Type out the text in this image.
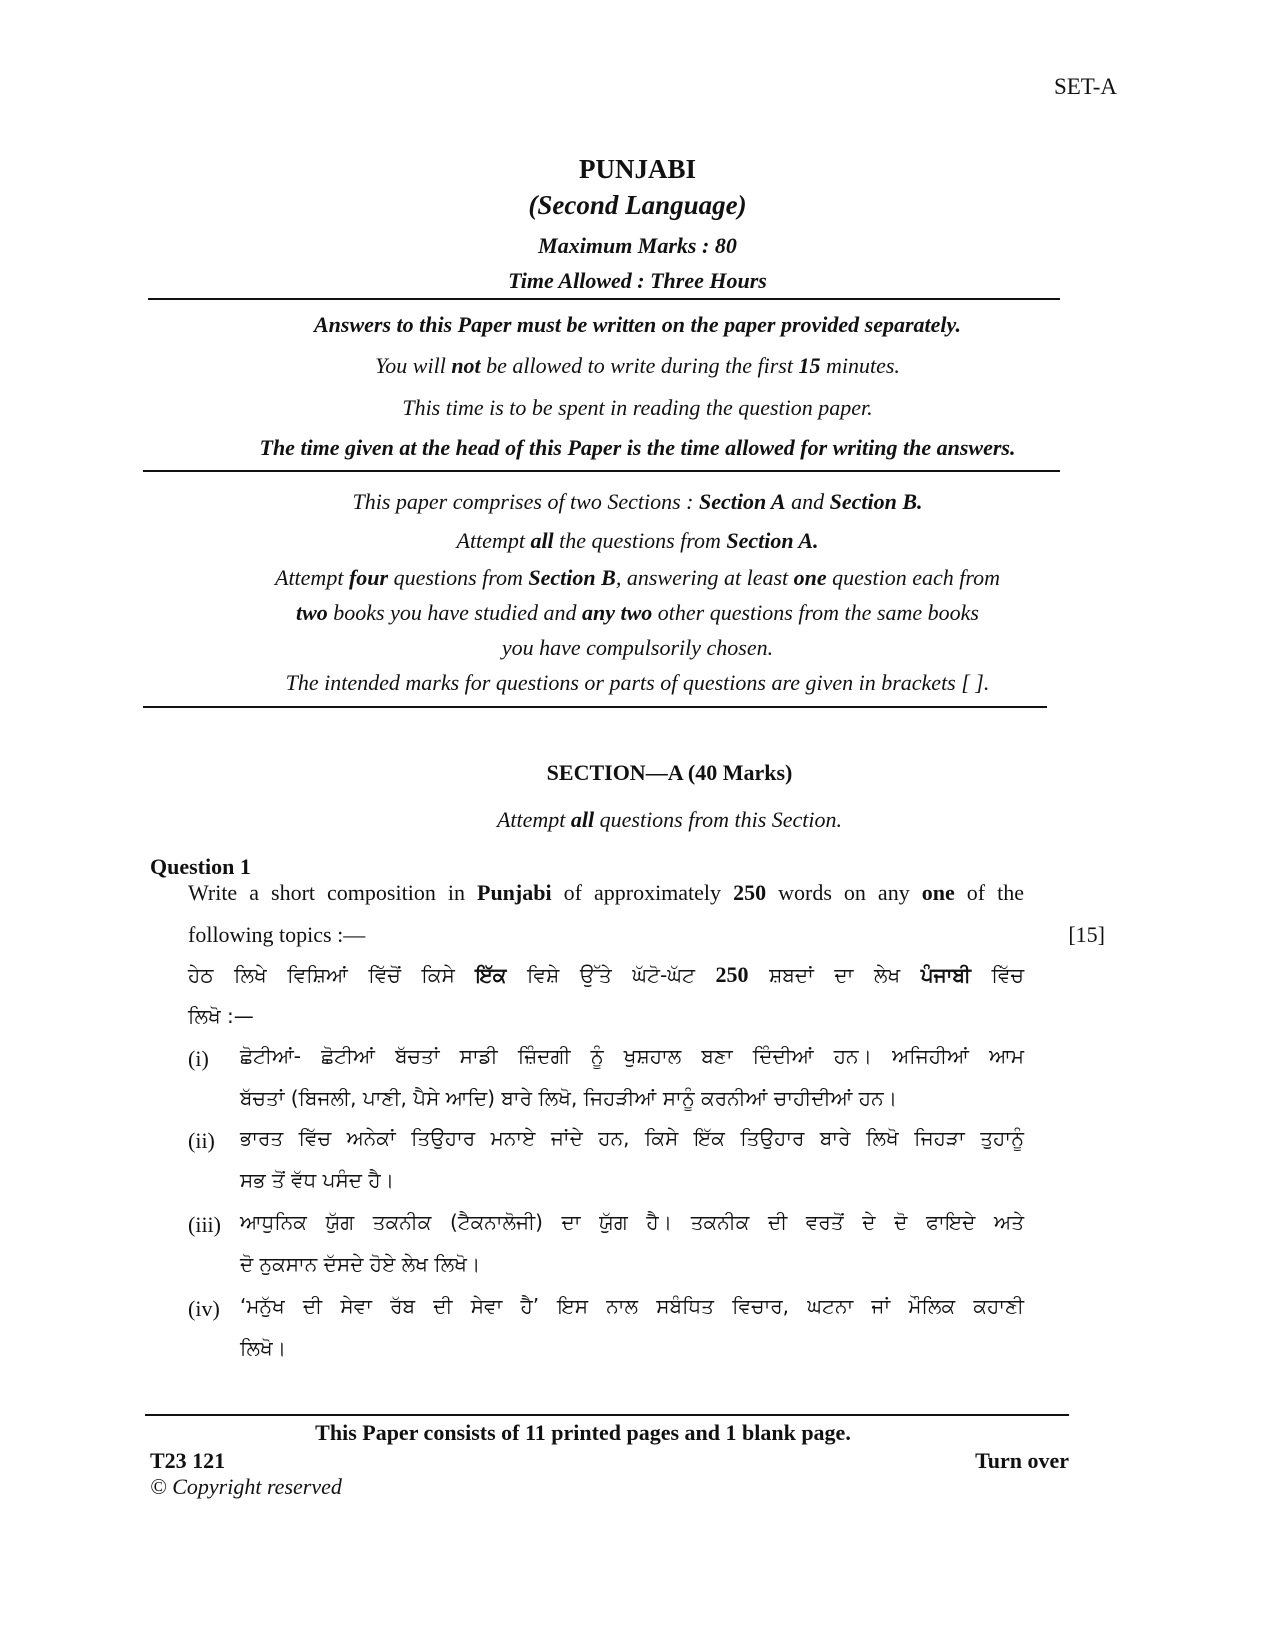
SET-A
PUNJABI
(Second Language)
Maximum Marks : 80
Time Allowed : Three Hours
Answers to this Paper must be written on the paper provided separately.
You will not be allowed to write during the first 15 minutes.
This time is to be spent in reading the question paper.
The time given at the head of this Paper is the time allowed for writing the answers.
This paper comprises of two Sections : Section A and Section B.
Attempt all the questions from Section A.
Attempt four questions from Section B, answering at least one question each from
two books you have studied and any two other questions from the same books
you have compulsorily chosen.
The intended marks for questions or parts of questions are given in brackets [ ].
SECTION—A (40 Marks)
Attempt all questions from this Section.
Question 1
Write a short composition in Punjabi of approximately 250 words on any one of the
following topics :—	[15]
ਹੇਠ ਲਿਖੇ ਵਿਸ਼ਿਆਂ ਵਿੱਚੋਂ ਕਿਸੇ ਇੱਕ ਵਿਸ਼ੇ ਉੱਤੇ ਘੱਟੋ-ਘੱਟ 250 ਸ਼ਬਦਾਂ ਦਾ ਲੇਖ ਪੰਜਾਬੀ ਵਿੱਚ
ਲਿਖੋ :—
(i) ਛੋਟੀਆਂ- ਛੋਟੀਆਂ ਬੱਚਤਾਂ ਸਾਡੀ ਜ਼ਿੰਦਗੀ ਨੂੰ ਖੁਸ਼ਹਾਲ ਬਣਾ ਦਿੰਦੀਆਂ ਹਨ। ਅਜਿਹੀਆਂ ਆਮ
ਬੱਚਤਾਂ (ਬਿਜਲੀ, ਪਾਣੀ, ਪੈਸੇ ਆਦਿ) ਬਾਰੇ ਲਿਖੋ, ਜਿਹੜੀਆਂ ਸਾਨੂੰ ਕਰਨੀਆਂ ਚਾਹੀਦੀਆਂ ਹਨ।
(ii) ਭਾਰਤ ਵਿੱਚ ਅਨੇਕਾਂ ਤਿਉਹਾਰ ਮਨਾਏ ਜਾਂਦੇ ਹਨ, ਕਿਸੇ ਇੱਕ ਤਿਉਹਾਰ ਬਾਰੇ ਲਿਖੋ ਜਿਹੜਾ ਤੁਹਾਨੂੰ
ਸਭ ਤੋਂ ਵੱਧ ਪਸੰਦ ਹੈ।
(iii) ਆਧੁਨਿਕ ਯੁੱਗ ਤਕਨੀਕ (ਟੈਕਨਾਲੋਜੀ) ਦਾ ਯੁੱਗ ਹੈ। ਤਕਨੀਕ ਦੀ ਵਰਤੋਂ ਦੇ ਦੋ ਫਾਇਦੇ ਅਤੇ
ਦੋ ਨੁਕਸਾਨ ਦੱਸਦੇ ਹੋਏ ਲੇਖ ਲਿਖੋ।
(iv) ‘ਮਨੁੱਖ ਦੀ ਸੇਵਾ ਰੱਬ ਦੀ ਸੇਵਾ ਹੈ’ ਇਸ ਨਾਲ ਸਬੰਧਿਤ ਵਿਚਾਰ, ਘਟਨਾ ਜਾਂ ਮੌਲਿਕ ਕਹਾਣੀ
ਲਿਖੋ।
This Paper consists of 11 printed pages and 1 blank page.
T23 121	Turn over
© Copyright reserved
